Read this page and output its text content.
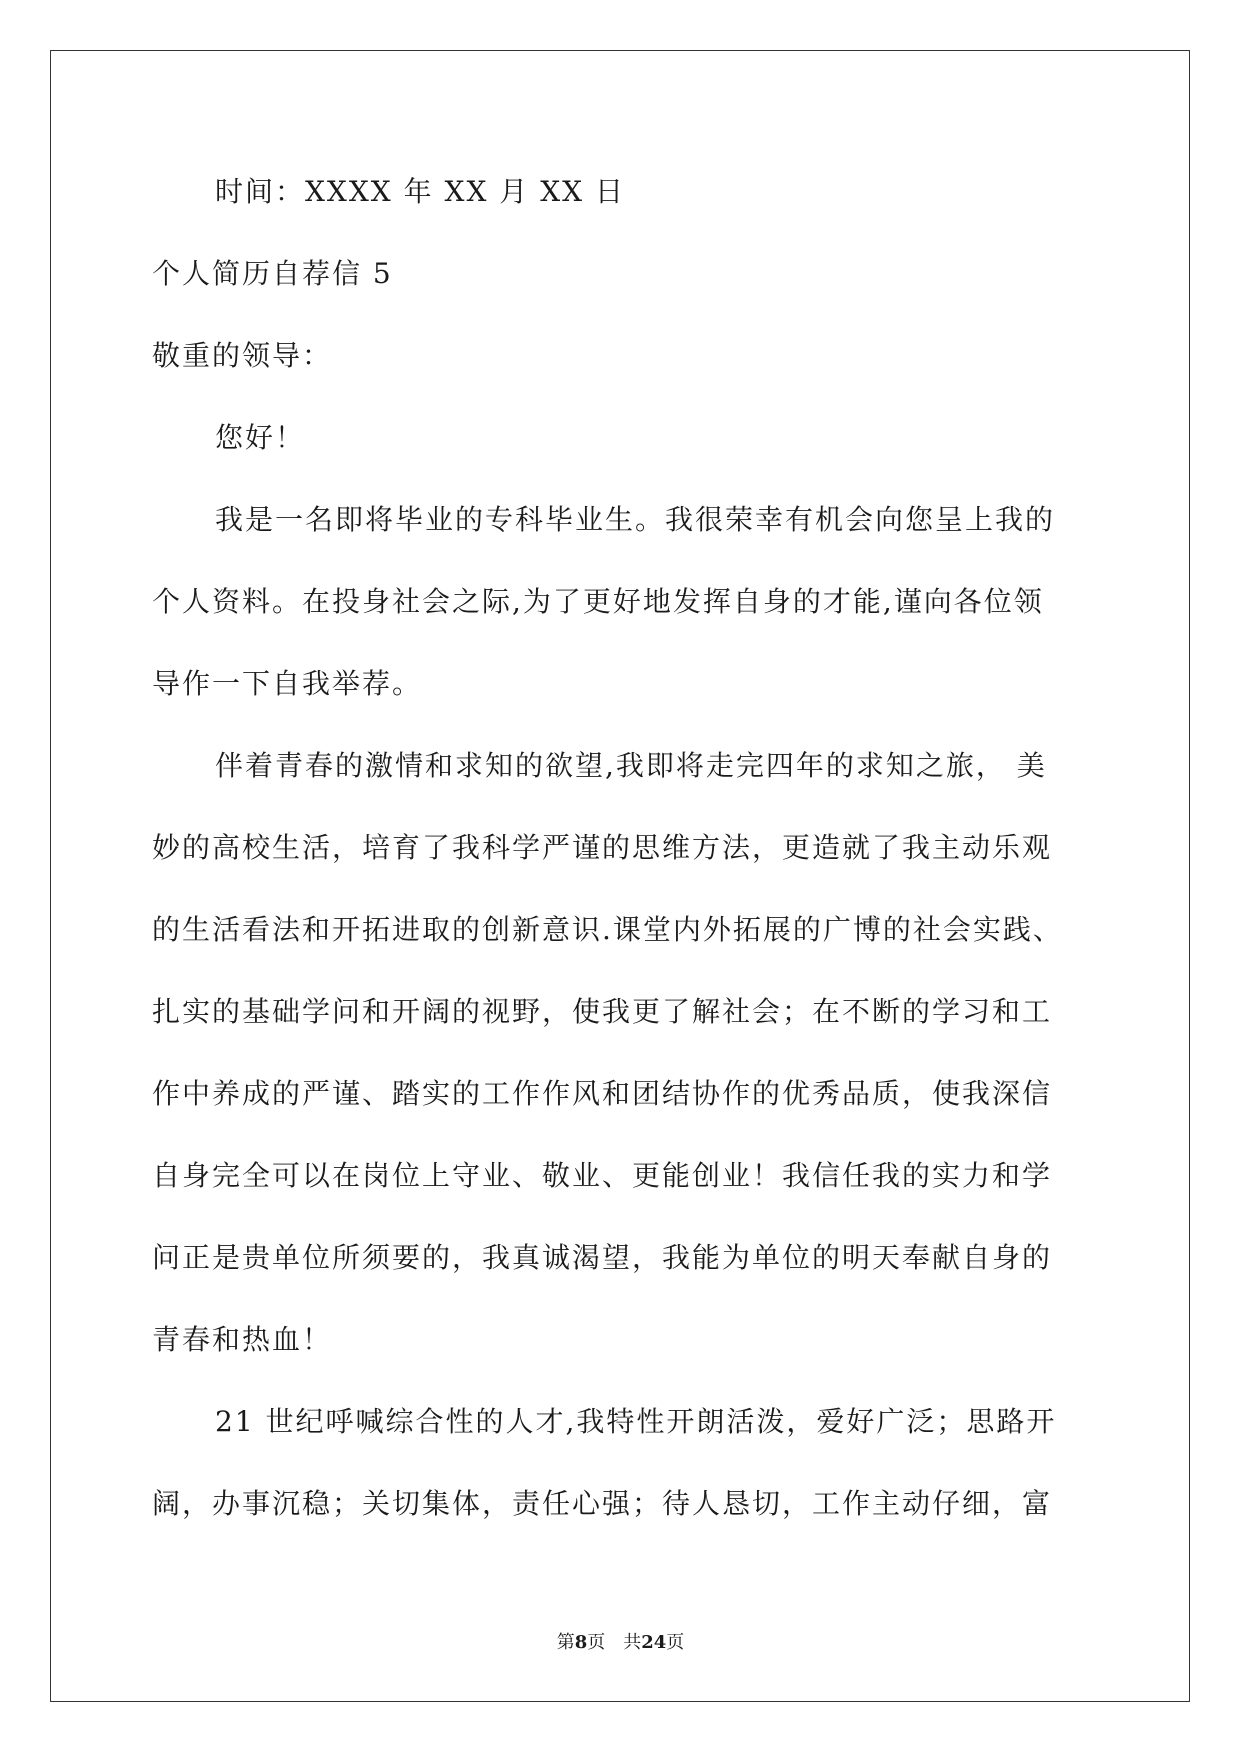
时间：XXXX 年 XX 月 XX 日
个人简历自荐信 5
敬重的领导：
您好！
我是一名即将毕业的专科毕业生。我很荣幸有机会向您呈上我的
个人资料。在投身社会之际,为了更好地发挥自身的才能,谨向各位领
导作一下自我举荐。
伴着青春的激情和求知的欲望,我即将走完四年的求知之旅， 美
妙的高校生活，培育了我科学严谨的思维方法，更造就了我主动乐观
的生活看法和开拓进取的创新意识.课堂内外拓展的广博的社会实践、
扎实的基础学问和开阔的视野，使我更了解社会；在不断的学习和工
作中养成的严谨、踏实的工作作风和团结协作的优秀品质，使我深信
自身完全可以在岗位上守业、敬业、更能创业！我信任我的实力和学
问正是贵单位所须要的，我真诚渴望，我能为单位的明天奉献自身的
青春和热血！
21 世纪呼喊综合性的人才,我特性开朗活泼，爱好广泛；思路开
阔，办事沉稳；关切集体，责任心强；待人恳切，工作主动仔细，富
第8页 共24页
